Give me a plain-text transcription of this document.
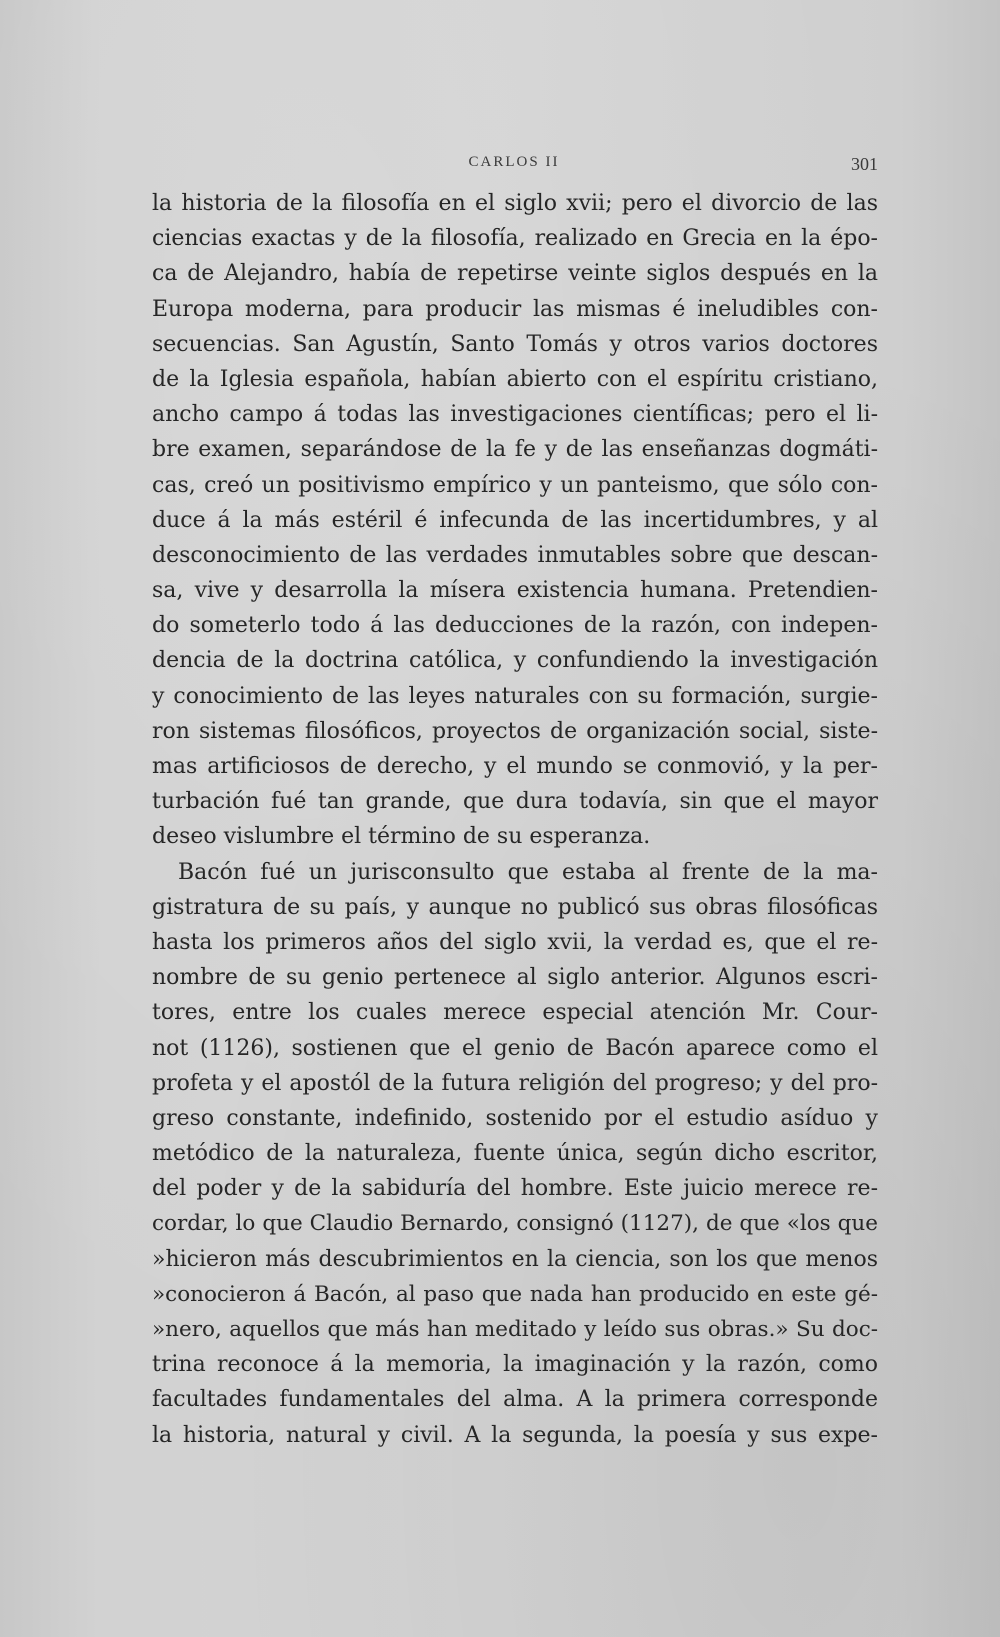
CARLOS II	301
la historia de la filosofía en el siglo xvii; pero el divorcio de las
ciencias exactas y de la filosofía, realizado en Grecia en la épo-
ca de Alejandro, había de repetirse veinte siglos después en la
Europa moderna, para producir las mismas é ineludibles con-
secuencias. San Agustín, Santo Tomás y otros varios doctores
de la Iglesia española, habían abierto con el espíritu cristiano,
ancho campo á todas las investigaciones científicas; pero el li-
bre examen, separándose de la fe y de las enseñanzas dogmáti-
cas, creó un positivismo empírico y un panteismo, que sólo con-
duce á la más estéril é infecunda de las incertidumbres, y al
desconocimiento de las verdades inmutables sobre que descan-
sa, vive y desarrolla la mísera existencia humana. Pretendien-
do someterlo todo á las deducciones de la razón, con indepen-
dencia de la doctrina católica, y confundiendo la investigación
y conocimiento de las leyes naturales con su formación, surgie-
ron sistemas filosóficos, proyectos de organización social, siste-
mas artificiosos de derecho, y el mundo se conmovió, y la per-
turbación fué tan grande, que dura todavía, sin que el mayor
deseo vislumbre el término de su esperanza.
Bacón fué un jurisconsulto que estaba al frente de la ma-
gistratura de su país, y aunque no publicó sus obras filosóficas
hasta los primeros años del siglo xvii, la verdad es, que el re-
nombre de su genio pertenece al siglo anterior. Algunos escri-
tores, entre los cuales merece especial atención Mr. Cour-
not (1126), sostienen que el genio de Bacón aparece como el
profeta y el apostól de la futura religión del progreso; y del pro-
greso constante, indefinido, sostenido por el estudio asíduo y
metódico de la naturaleza, fuente única, según dicho escritor,
del poder y de la sabiduría del hombre. Este juicio merece re-
cordar, lo que Claudio Bernardo, consignó (1127), de que «los que
»hicieron más descubrimientos en la ciencia, son los que menos
»conocieron á Bacón, al paso que nada han producido en este gé-
»nero, aquellos que más han meditado y leído sus obras.» Su doc-
trina reconoce á la memoria, la imaginación y la razón, como
facultades fundamentales del alma. A la primera corresponde
la historia, natural y civil. A la segunda, la poesía y sus expe-
